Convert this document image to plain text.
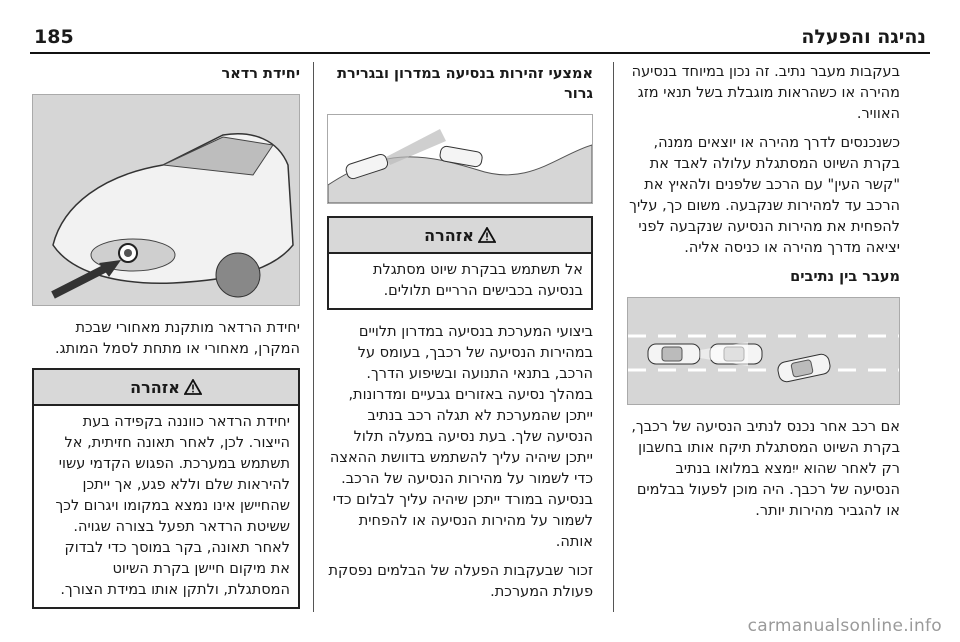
185	נהיגה והפעלה

בעקבות מעבר נתיב. זה נכון במיוחד בנסיעה מהירה או כשהראות מוגבלת בשל תנאי מזג האוויר.

כשנכנסים לדרך מהירה או יוצאים ממנה, בקרת השיוט המסתגלת עלולה לאבד את "קשר העין" עם הרכב שלפנים ולהאיץ את הרכב עד למהירות שנקבעה. משום כך, עליך להפחית את מהירות הנסיעה שנקבעה לפני יציאה מדרך מהירה או כניסה אליה.

מעבר בין נתיבים

אם רכב אחר נכנס לנתיב הנסיעה של רכבך, בקרת השיוט המסתגלת תיקח אותו בחשבון רק לאחר שהוא ייִמצא במלואו בנתיב הנסיעה של רכבך. היה מוכן לפעול בבלמים או להגביר מהירות יותר.

אמצעי זהירות בנסיעה במדרון ובגרירת גרור
אזהרה

אל תשתמש בבקרת שיוט מסתגלת בנסיעה בכבישים הרריים תלולים.

ביצועי המערכת בנסיעה במדרון תלויים במהירות הנסיעה של רכבך, בעומס על הרכב, בתנאי התנועה ובשיפוע הדרך. במהלך נסיעה באזורים גבעיים ומדרונות, ייתכן שהמערכת לא תגלה רכב בנתיב הנסיעה שלך. בעת נסיעה במעלה תלול ייתכן שיהיה עליך להשתמש בדוושת ההאצה כדי לשמור על מהירות הנסיעה של הרכב. בנסיעה במורד ייתכן שיהיה עליך לבלום כדי לשמור על מהירות הנסיעה או להפחית אותה.

זכור שבעקבות הפעלה של הבלמים נפסקת פעולת המערכת.

יחידת רדאר

יחידת הרדאר מותקנת מאחורי שבכת המקרן, מאחורי או מתחת לסמל המותג.

אזהרה

יחידת הרדאר כווננה בקפידה בעת הייצור. לכן, לאחר תאונה חזיתית, אל תשתמש במערכת. הפגוש הקדמי עשוי להיראות שלם וללא פגע, אך ייתכן שהחיישן אינו נמצא במקומו ויגרום לכך ששיטת הרדאר תפעל בצורה שגויה. לאחר תאונה, בקר במוסך כדי לבדוק את מיקום חיישן בקרת השיוט המסתגלת, ולתקן אותו במידת הצורך.

carmanualsonline.info
